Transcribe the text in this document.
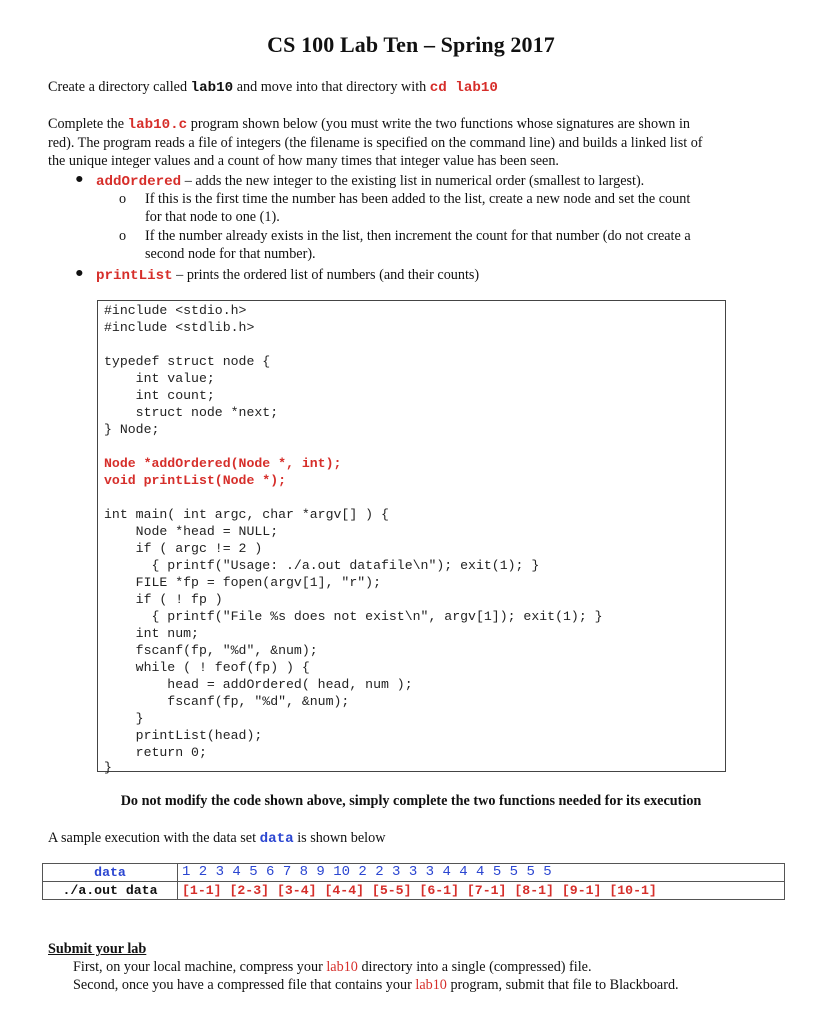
CS 100 Lab Ten – Spring 2017
Create a directory called lab10 and move into that directory with cd lab10
Complete the lab10.c program shown below (you must write the two functions whose signatures are shown in
red). The program reads a file of integers (the filename is specified on the command line) and builds a linked list of
the unique integer values and a count of how many times that integer value has been seen.
● addOrdered – adds the new integer to the existing list in numerical order (smallest to largest).
o If this is the first time the number has been added to the list, create a new node and set the count
for that node to one (1).
o If the number already exists in the list, then increment the count for that number (do not create a
second node for that number).
● printList – prints the ordered list of numbers (and their counts)
#include <stdio.h>
#include <stdlib.h>
typedef struct node {
int value;
int count;
struct node *next;
} Node;
Node *addOrdered(Node *, int);
void printList(Node *);
int main( int argc, char *argv[] ) {
Node *head = NULL;
if ( argc != 2 )
{ printf("Usage: ./a.out datafile\n"); exit(1); }
FILE *fp = fopen(argv[1], "r");
if ( ! fp )
{ printf("File %s does not exist\n", argv[1]); exit(1); }
int num;
fscanf(fp, "%d", &num);
while ( ! feof(fp) ) {
head = addOrdered( head, num );
fscanf(fp, "%d", &num);
}
printList(head);
return 0;
}
Do not modify the code shown above, simply complete the two functions needed for its execution
A sample execution with the data set data is shown below
data	1 2 3 4 5 6 7 8 9 10 2 2 3 3 3 4 4 4 5 5 5 5
./a.out data	[1-1] [2-3] [3-4] [4-4] [5-5] [6-1] [7-1] [8-1] [9-1] [10-1]
Submit your lab
First, on your local machine, compress your lab10 directory into a single (compressed) file.
Second, once you have a compressed file that contains your lab10 program, submit that file to Blackboard.
